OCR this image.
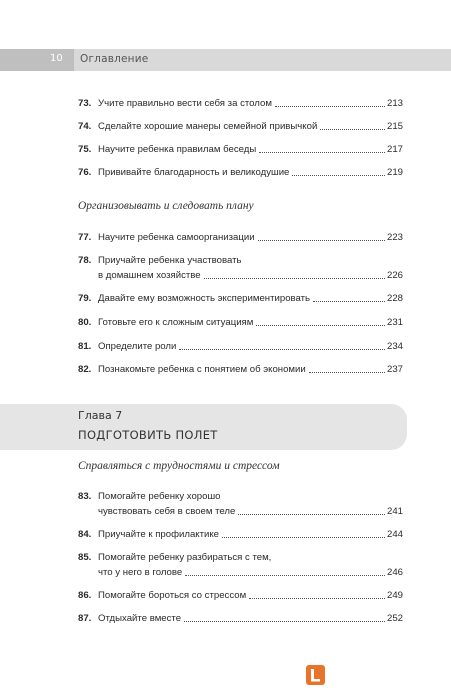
10 Оглавление
73. Учите правильно вести себя за столом	213
74. Сделайте хорошие манеры семейной привычкой	215
75. Научите ребенка правилам беседы	217
76. Прививайте благодарность и великодушие	219
Организовывать и следовать плану
77. Научите ребенка самоорганизации	223
78. Приучайте ребенка участвовать
в домашнем хозяйстве	226
79. Давайте ему возможность экспериментировать	228
80. Готовьте его к сложным ситуациям	231
81. Определите роли	234
82. Познакомьте ребенка с понятием об экономии	237
Глава 7
ПОДГОТОВИТЬ ПОЛЕТ
Справляться с трудностями и стрессом
83. Помогайте ребенку хорошо
чувствовать себя в своем теле	241
84. Приучайте к профилактике	244
85. Помогайте ребенку разбираться с тем,
что у него в голове	246
86. Помогайте бороться со стрессом	249
87. Отдыхайте вместе	252
